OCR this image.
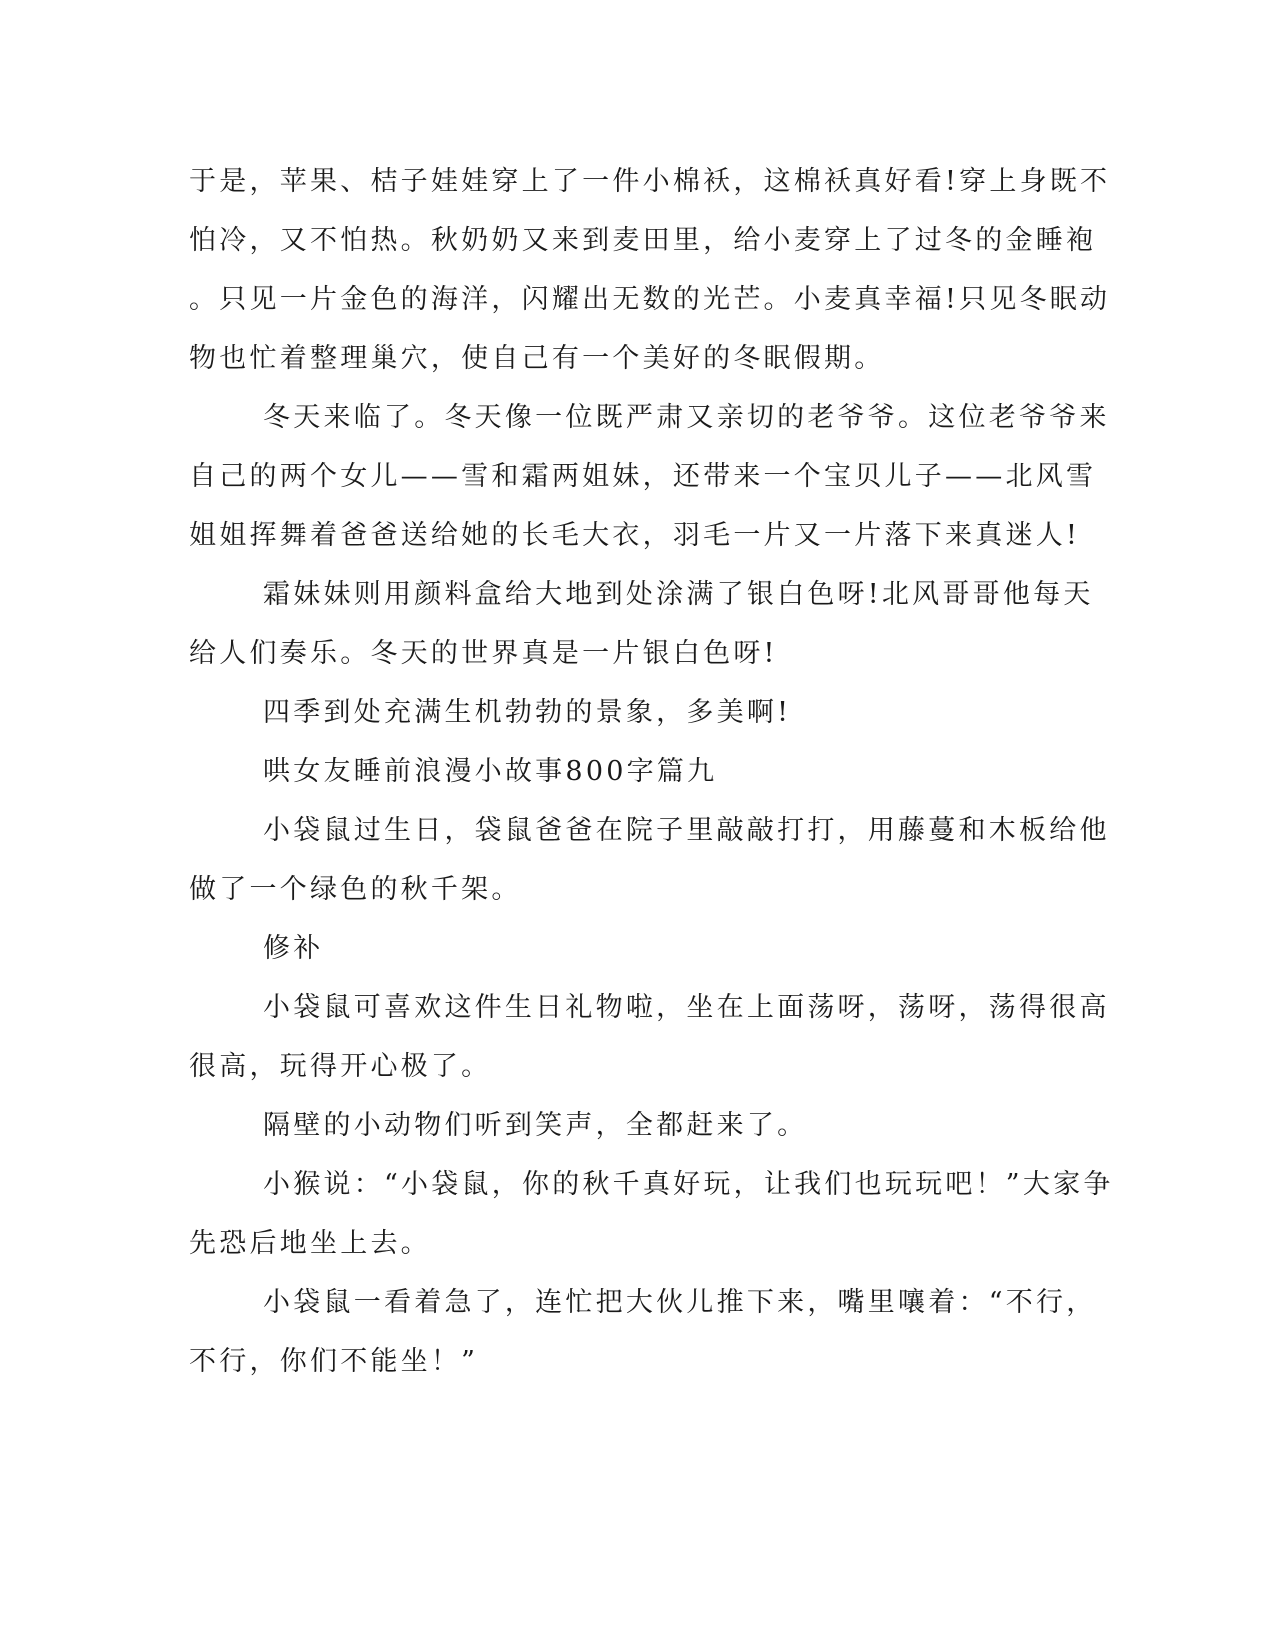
于是，苹果、桔子娃娃穿上了一件小棉袄，这棉袄真好看!穿上身既不
怕冷，又不怕热。秋奶奶又来到麦田里，给小麦穿上了过冬的金睡袍
。只见一片金色的海洋，闪耀出无数的光芒。小麦真幸福!只见冬眠动
物也忙着整理巢穴，使自己有一个美好的冬眠假期。
冬天来临了。冬天像一位既严肃又亲切的老爷爷。这位老爷爷来
自己的两个女儿——雪和霜两姐妹，还带来一个宝贝儿子——北风雪
姐姐挥舞着爸爸送给她的长毛大衣，羽毛一片又一片落下来真迷人!
霜妹妹则用颜料盒给大地到处涂满了银白色呀!北风哥哥他每天
给人们奏乐。冬天的世界真是一片银白色呀!
四季到处充满生机勃勃的景象，多美啊!
哄女友睡前浪漫小故事800字篇九
小袋鼠过生日，袋鼠爸爸在院子里敲敲打打，用藤蔓和木板给他
做了一个绿色的秋千架。
修补
小袋鼠可喜欢这件生日礼物啦，坐在上面荡呀，荡呀，荡得很高
很高，玩得开心极了。
隔壁的小动物们听到笑声，全都赶来了。
小猴说：“小袋鼠，你的秋千真好玩，让我们也玩玩吧！”大家争
先恐后地坐上去。
小袋鼠一看着急了，连忙把大伙儿推下来，嘴里嚷着：“不行，
不行，你们不能坐！”
